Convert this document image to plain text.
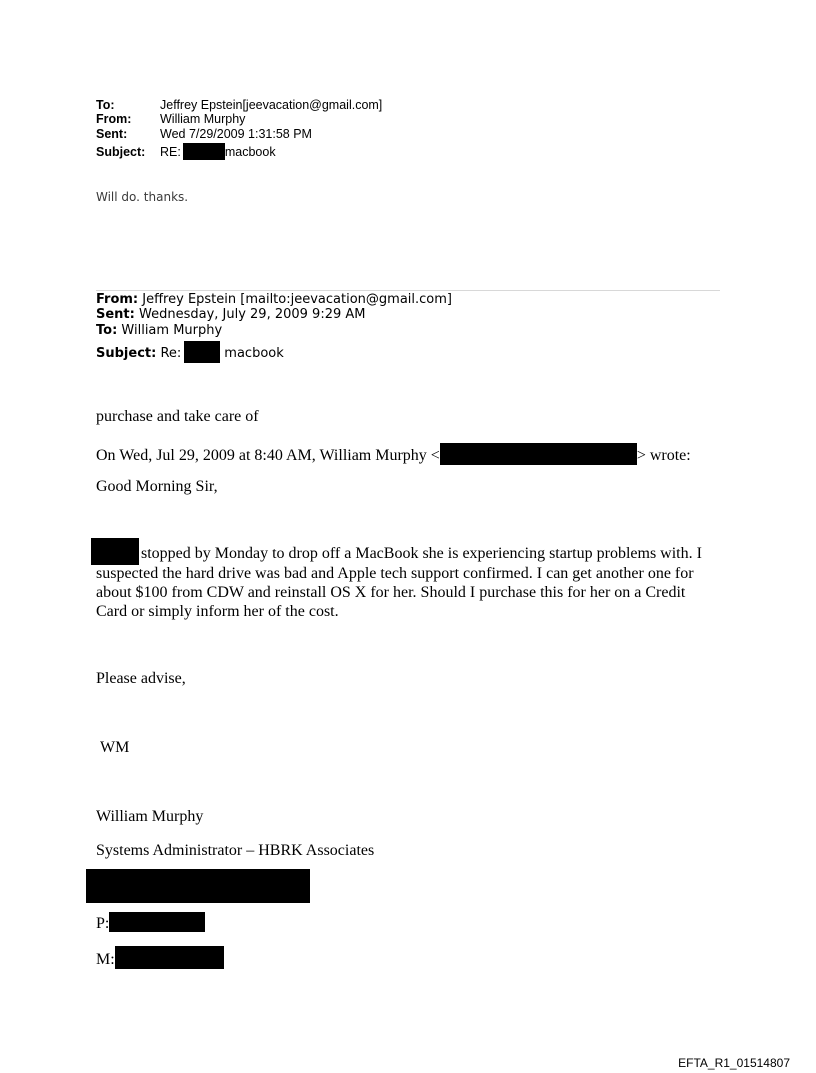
To:	Jeffrey Epstein[jeevacation@gmail.com]
From: William Murphy
Sent:	Wed 7/29/2009 1:31:58 PM
Subject: RE:	macbook
Will do. thanks.
From: Jeffrey Epstein [mailto:jeevacation@gmail.com]
Sent: Wednesday, July 29, 2009 9:29 AM
To: William Murphy
Subject: Re:	macbook
purchase and take care of
On Wed, Jul 29, 2009 at 8:40 AM, William Murphy <	> wrote:
Good Morning Sir,
stopped by Monday to drop off a MacBook she is experiencing startup problems with. I
suspected the hard drive was bad and Apple tech support confirmed. I can get another one for
about $100 from CDW and reinstall OS X for her. Should I purchase this for her on a Credit
Card or simply inform her of the cost.
Please advise,
WM
William Murphy
Systems Administrator – HBRK Associates
P:
M:
EFTA_R1_01514807
